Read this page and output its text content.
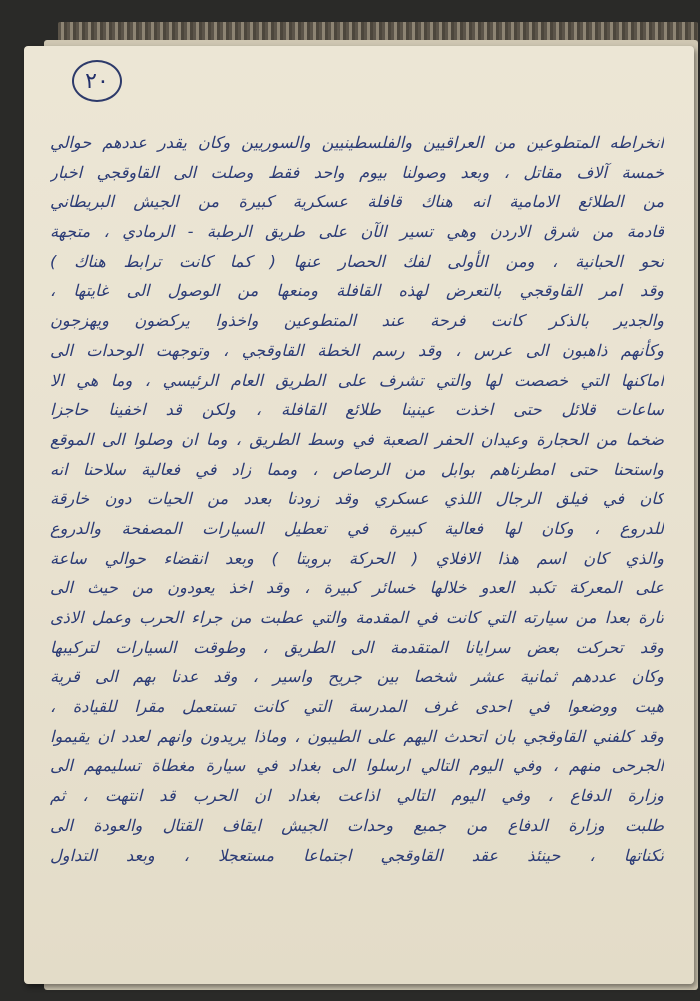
٢٠
انخراطه المتطوعين من العراقيين والفلسطينيين والسوريين وكان يقدر عددهم حوالي
خمسة آلاف مقاتل ، وبعد وصولنا بيوم واحد فقط وصلت الى القاوقجي اخبار
من الطلائع الامامية انه هناك قافلة عسكرية كبيرة من الجيش البريطاني
قادمة من شرق الاردن وهي تسير الآن على طريق الرطبة - الرمادي ، متجهة
نحو الحبانية ، ومن الأولى لفك الحصار عنها ( كما كانت ترابط هناك )
وقد امر القاوقجي بالتعرض لهذه القافلة ومنعها من الوصول الى غايتها ،
والجدير بالذكر كانت فرحة عند المتطوعين واخذوا يركضون ويهزجون
وكأنهم ذاهبون الى عرس ، وقد رسم الخطة القاوقجي ، وتوجهت الوحدات الى
اماكنها التي خصصت لها والتي تشرف على الطريق العام الرئيسي ، وما هي الا
ساعات قلائل حتى اخذت عينينا طلائع القافلة ، ولكن قد اخفينا حاجزا
ضخما من الحجارة وعيدان الحفر الصعبة في وسط الطريق ، وما ان وصلوا الى الموقع
واستحنا حتى امطرناهم بوابل من الرصاص ، ومما زاد في فعالية سلاحنا انه
كان في فيلق الرجال اللذي عسكري وقد زودنا بعدد من الحيات دون خارقة
للدروع ، وكان لها فعالية كبيرة في تعطيل السيارات المصفحة والدروع
والذي كان اسم هذا الافلاي ( الحركة برويتا ) وبعد انقضاء حوالي ساعة
على المعركة تكبد العدو خلالها خسائر كبيرة ، وقد اخذ يعودون من حيث الى
تارة بعدا من سيارته التي كانت في المقدمة والتي عطبت من جراء الحرب وعمل الاذى
وقد تحركت بعض سرايانا المتقدمة الى الطريق ، وطوقت السيارات لتركيبها
وكان عددهم ثمانية عشر شخصا بين جريح واسير ، وقد عدنا بهم الى قرية
هيت ووضعوا في احدى غرف المدرسة التي كانت تستعمل مقرا للقيادة ،
وقد كلفني القاوقجي بان اتحدث اليهم على الطيبون ، وماذا يريدون وانهم لعدد ان يقيموا
الجرحى منهم ، وفي اليوم التالي ارسلوا الى بغداد في سيارة مغطاة تسليمهم الى
وزارة الدفاع ، وفي اليوم التالي اذاعت بغداد ان الحرب قد انتهت ، ثم
طلبت وزارة الدفاع من جميع وحدات الجيش ايقاف القتال والعودة الى
ثكناتها ، حينئذ عقد القاوقجي اجتماعا مستعجلا ، وبعد التداول
